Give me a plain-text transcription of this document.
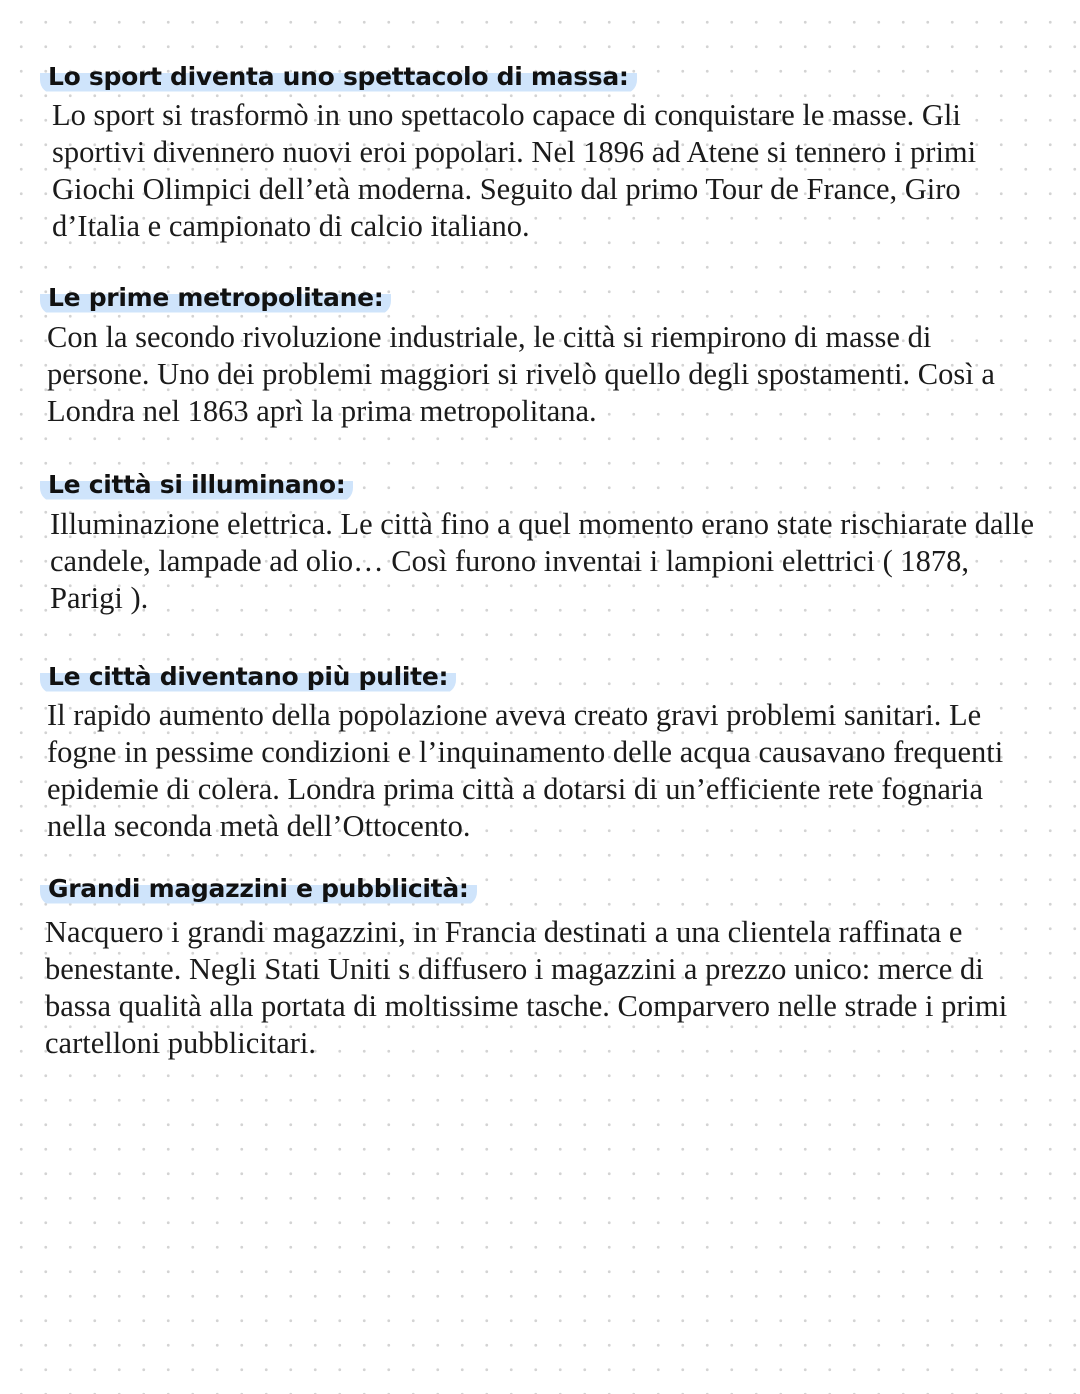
Lo sport diventa uno spettacolo di massa:

Lo sport si trasformò in uno spettacolo capace di conquistare le masse. Gli sportivi divennero nuovi eroi popolari. Nel 1896 ad Atene si tennero i primi Giochi Olimpici dell’età moderna. Seguito dal primo Tour de France, Giro d’Italia e campionato di calcio italiano.

Le prime metropolitane:

Con la secondo rivoluzione industriale, le città si riempirono di masse di persone. Uno dei problemi maggiori si rivelò quello degli spostamenti. Così a Londra nel 1863 aprì la prima metropolitana.

Le città si illuminano:

Illuminazione elettrica. Le città fino a quel momento erano state rischiarate dalle candele, lampade ad olio… Così furono inventai i lampioni elettrici ( 1878, Parigi ).

Le città diventano più pulite:

Il rapido aumento della popolazione aveva creato gravi problemi sanitari. Le fogne in pessime condizioni e l’inquinamento delle acqua causavano frequenti epidemie di colera. Londra prima città a dotarsi di un’efficiente rete fognaria nella seconda metà dell’Ottocento.

Grandi magazzini e pubblicità:

Nacquero i grandi magazzini, in Francia destinati a una clientela raffinata e benestante. Negli Stati Uniti s diffusero i magazzini a prezzo unico: merce di bassa qualità alla portata di moltissime tasche. Comparvero nelle strade i primi cartelloni pubblicitari.
